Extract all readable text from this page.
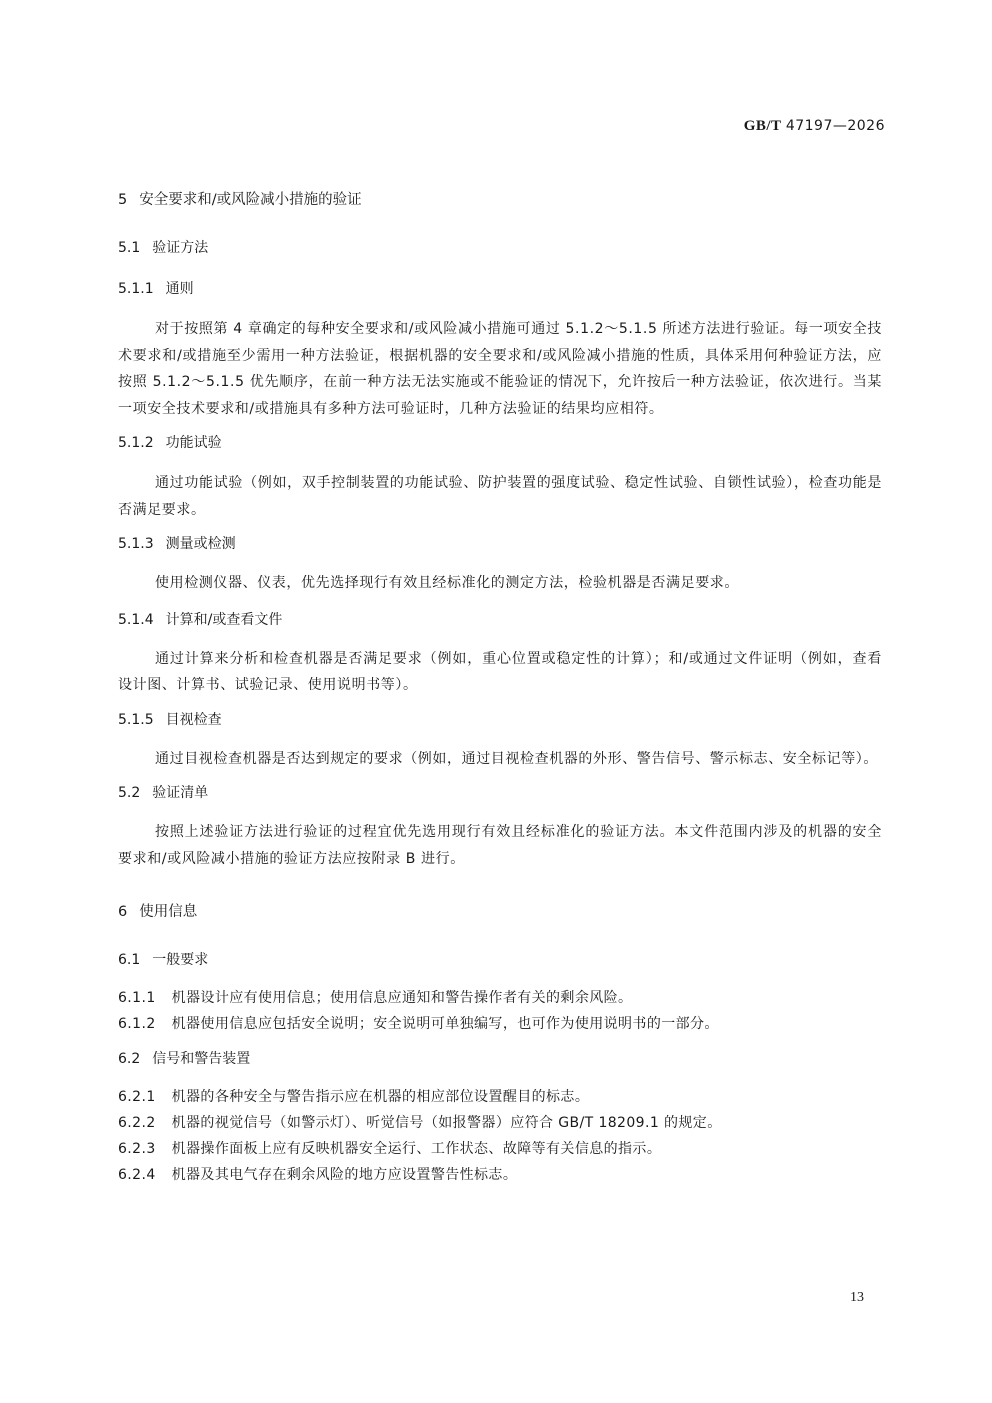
GB/T 47197—2026
5 安全要求和/或风险减小措施的验证
5.1 验证方法
5.1.1 通则
对于按照第 4 章确定的每种安全要求和/或风险减小措施可通过 5.1.2～5.1.5 所述方法进行验证。每一项安全技术要求和/或措施至少需用一种方法验证，根据机器的安全要求和/或风险减小措施的性质，具体采用何种验证方法，应按照 5.1.2～5.1.5 优先顺序，在前一种方法无法实施或不能验证的情况下，允许按后一种方法验证，依次进行。当某一项安全技术要求和/或措施具有多种方法可验证时，几种方法验证的结果均应相符。
5.1.2 功能试验
通过功能试验（例如，双手控制装置的功能试验、防护装置的强度试验、稳定性试验、自锁性试验），检查功能是否满足要求。
5.1.3 测量或检测
使用检测仪器、仪表，优先选择现行有效且经标准化的测定方法，检验机器是否满足要求。
5.1.4 计算和/或查看文件
通过计算来分析和检查机器是否满足要求（例如，重心位置或稳定性的计算）；和/或通过文件证明（例如，查看设计图、计算书、试验记录、使用说明书等）。
5.1.5 目视检查
通过目视检查机器是否达到规定的要求（例如，通过目视检查机器的外形、警告信号、警示标志、安全标记等）。
5.2 验证清单
按照上述验证方法进行验证的过程宜优先选用现行有效且经标准化的验证方法。本文件范围内涉及的机器的安全要求和/或风险减小措施的验证方法应按附录 B 进行。
6 使用信息
6.1 一般要求
6.1.1 机器设计应有使用信息；使用信息应通知和警告操作者有关的剩余风险。
6.1.2 机器使用信息应包括安全说明；安全说明可单独编写，也可作为使用说明书的一部分。
6.2 信号和警告装置
6.2.1 机器的各种安全与警告指示应在机器的相应部位设置醒目的标志。
6.2.2 机器的视觉信号（如警示灯）、听觉信号（如报警器）应符合 GB/T 18209.1 的规定。
6.2.3 机器操作面板上应有反映机器安全运行、工作状态、故障等有关信息的指示。
6.2.4 机器及其电气存在剩余风险的地方应设置警告性标志。
13
